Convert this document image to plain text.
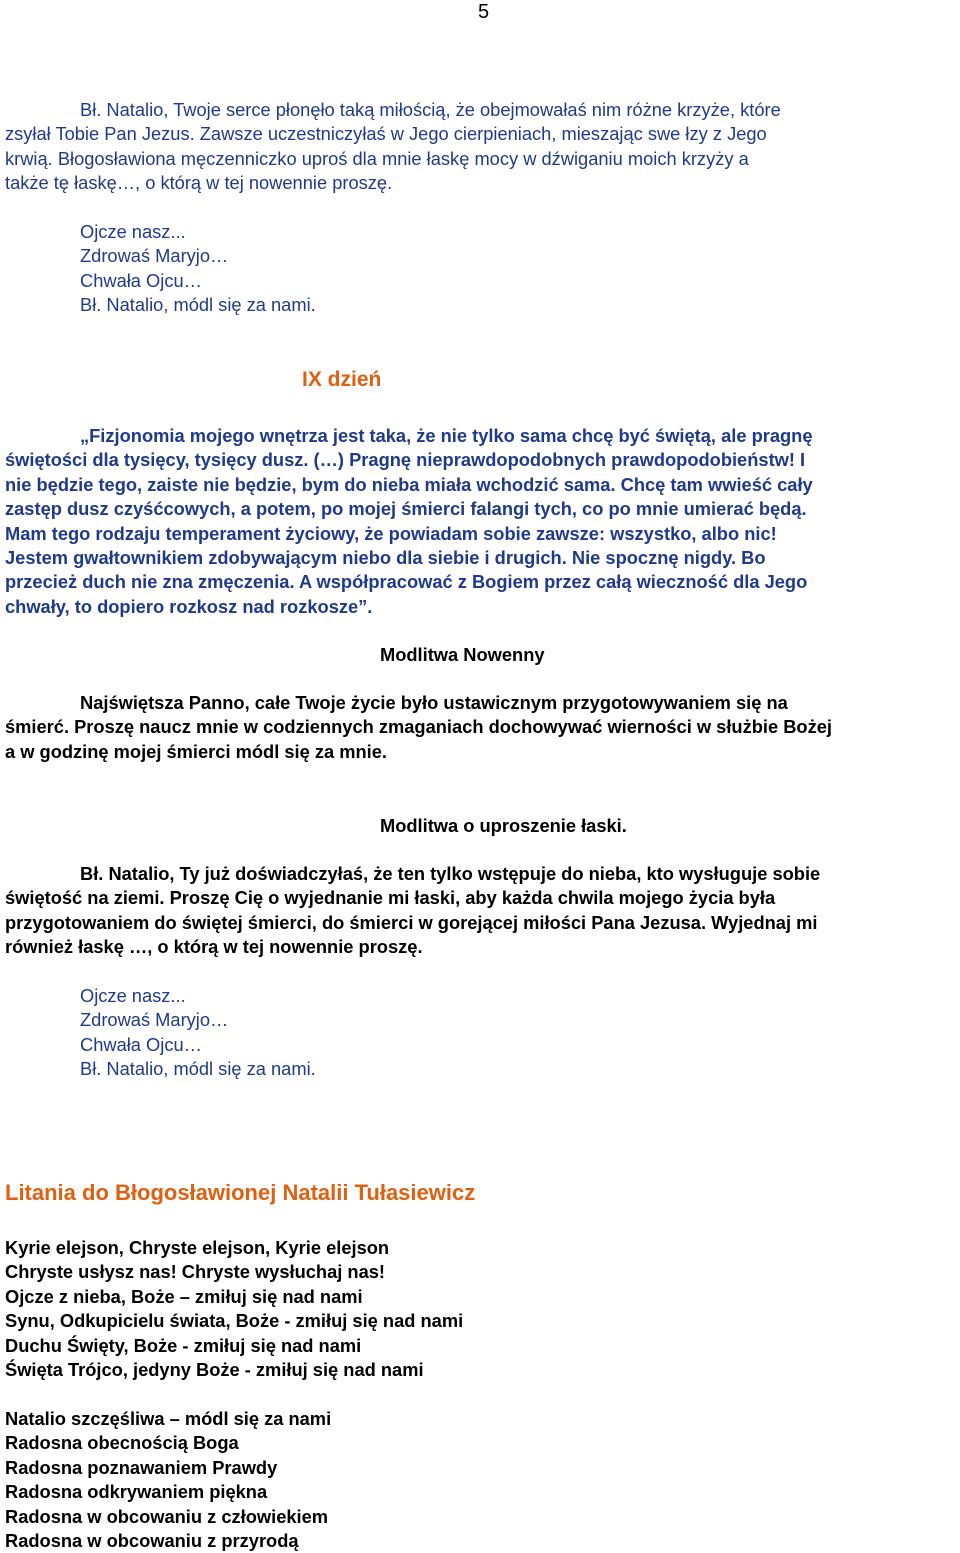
5
Bł. Natalio, Twoje serce płonęło taką miłością, że obejmowałaś nim różne krzyże, które
zsyłał Tobie Pan Jezus. Zawsze uczestniczyłaś w Jego cierpieniach, mieszając swe łzy z Jego
krwią. Błogosławiona męczenniczko uproś dla mnie łaskę mocy w dźwiganiu moich krzyży a
także tę łaskę…, o którą w tej nowennie proszę.
Ojcze nasz...
Zdrowaś Maryjo…
Chwała Ojcu…
Bł. Natalio, módl się za nami.
IX dzień
„Fizjonomia mojego wnętrza jest taka, że nie tylko sama chcę być świętą, ale pragnę
świętości dla tysięcy, tysięcy dusz. (…) Pragnę nieprawdopodobnych prawdopodobieństw! I
nie będzie tego, zaiste nie będzie, bym do nieba miała wchodzić sama. Chcę tam wwieść cały
zastęp dusz czyśćcowych, a potem, po mojej śmierci falangi tych, co po mnie umierać będą.
Mam tego rodzaju temperament życiowy, że powiadam sobie zawsze: wszystko, albo nic!
Jestem gwałtownikiem zdobywającym niebo dla siebie i drugich. Nie spocznę nigdy. Bo
przecież duch nie zna zmęczenia. A współpracować z Bogiem przez całą wieczność dla Jego
chwały, to dopiero rozkosz nad rozkosze”.
Modlitwa Nowenny
Najświętsza Panno, całe Twoje życie było ustawicznym przygotowywaniem się na
śmierć. Proszę naucz mnie w codziennych zmaganiach dochowywać wierności w służbie Bożej
a w godzinę mojej śmierci módl się za mnie.
Modlitwa o uproszenie łaski.
Bł. Natalio, Ty już doświadczyłaś, że ten tylko wstępuje do nieba, kto wysługuje sobie
świętość na ziemi. Proszę Cię o wyjednanie mi łaski, aby każda chwila mojego życia była
przygotowaniem do świętej śmierci, do śmierci w gorejącej miłości Pana Jezusa. Wyjednaj mi
również łaskę …, o którą w tej nowennie proszę.
Ojcze nasz...
Zdrowaś Maryjo…
Chwała Ojcu…
Bł. Natalio, módl się za nami.
Litania do Błogosławionej Natalii Tułasiewicz
Kyrie elejson, Chryste elejson, Kyrie elejson
Chryste usłysz nas! Chryste wysłuchaj nas!
Ojcze z nieba, Boże – zmiłuj się nad nami
Synu, Odkupicielu świata, Boże - zmiłuj się nad nami
Duchu Święty, Boże - zmiłuj się nad nami
Święta Trójco, jedyny Boże - zmiłuj się nad nami
Natalio szczęśliwa – módl się za nami
Radosna obecnością Boga
Radosna poznawaniem Prawdy
Radosna odkrywaniem piękna
Radosna w obcowaniu z człowiekiem
Radosna w obcowaniu z przyrodą
